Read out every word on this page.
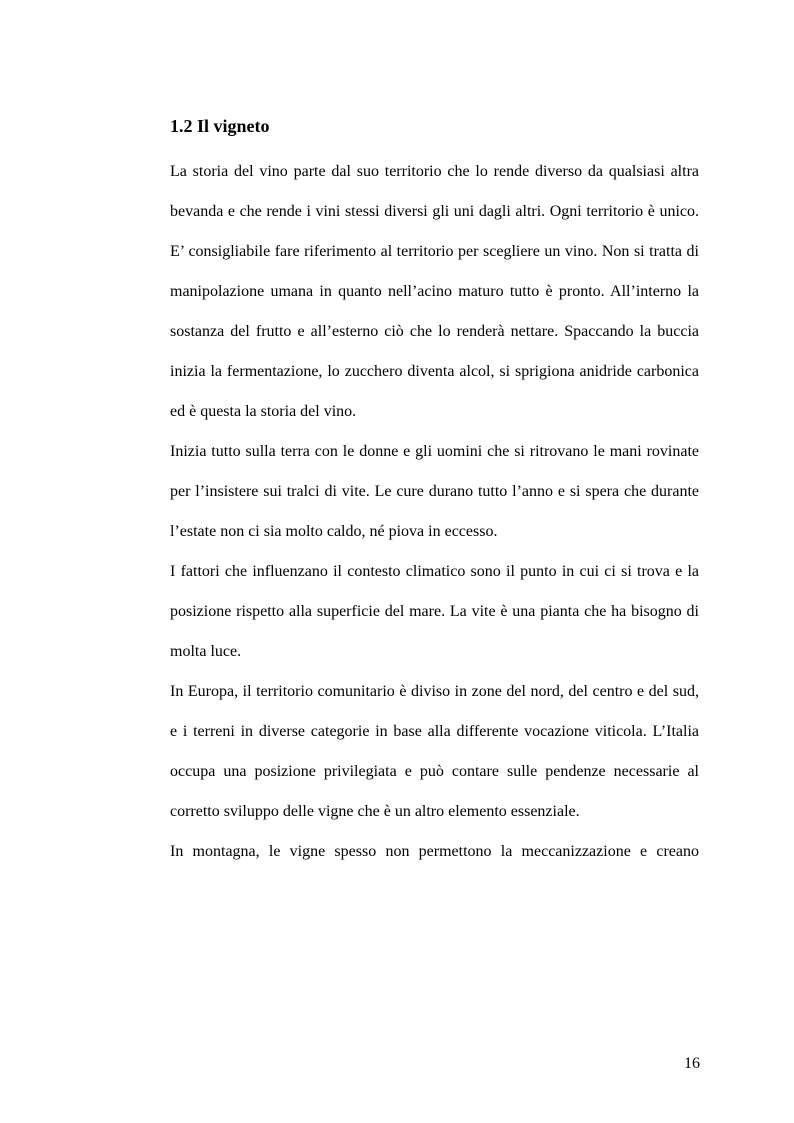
1.2 Il vigneto

La storia del vino parte dal suo territorio che lo rende diverso da qualsiasi altra bevanda e che rende i vini stessi diversi gli uni dagli altri. Ogni territorio è unico. E’ consigliabile fare riferimento al territorio per scegliere un vino. Non si tratta di manipolazione umana in quanto nell’acino maturo tutto è pronto. All’interno la sostanza del frutto e all’esterno ciò che lo renderà nettare. Spaccando la buccia inizia la fermentazione, lo zucchero diventa alcol, si sprigiona anidride carbonica ed è questa la storia del vino.

Inizia tutto sulla terra con le donne e gli uomini che si ritrovano le mani rovinate per l’insistere sui tralci di vite. Le cure durano tutto l’anno e si spera che durante l’estate non ci sia molto caldo, né piova in eccesso.

I fattori che influenzano il contesto climatico sono il punto in cui ci si trova e la posizione rispetto alla superficie del mare. La vite è una pianta che ha bisogno di molta luce.

In Europa, il territorio comunitario è diviso in zone del nord, del centro e del sud, e i terreni in diverse categorie in base alla differente vocazione viticola. L’Italia occupa una posizione privilegiata e può contare sulle pendenze necessarie al corretto sviluppo delle vigne che è un altro elemento essenziale.

In montagna, le vigne spesso non permettono la meccanizzazione e creano

16
